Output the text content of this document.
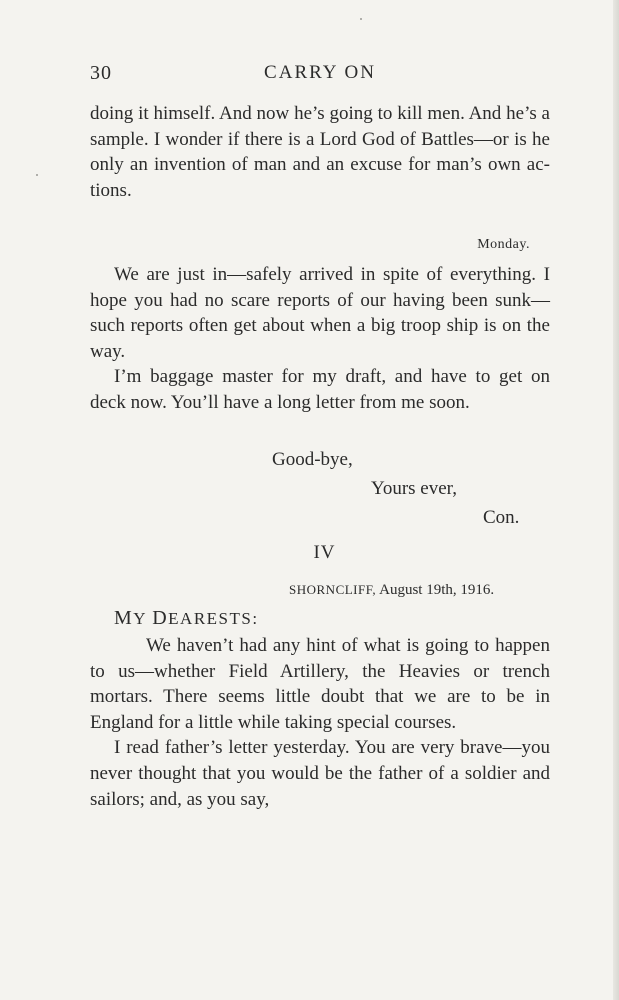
30	CARRY ON

doing it himself. And now he’s going to kill men. And he’s a sample. I wonder if there is a Lord God of Battles—or is he only an invention of man and an excuse for man’s own actions.

Monday.

We are just in—safely arrived in spite of everything. I hope you had no scare reports of our having been sunk—such reports often get about when a big troop ship is on the way.

I’m baggage master for my draft, and have to get on deck now. You’ll have a long letter from me soon.

Good-bye,
Yours ever,
Con.
IV
SHORNCLIFF, August 19th, 1916.
MY DEARESTS:

We haven’t had any hint of what is going to happen to us—whether Field Artillery, the Heavies or trench mortars. There seems little doubt that we are to be in England for a little while taking special courses.

I read father’s letter yesterday. You are very brave—you never thought that you would be the father of a soldier and sailors; and, as you say,
